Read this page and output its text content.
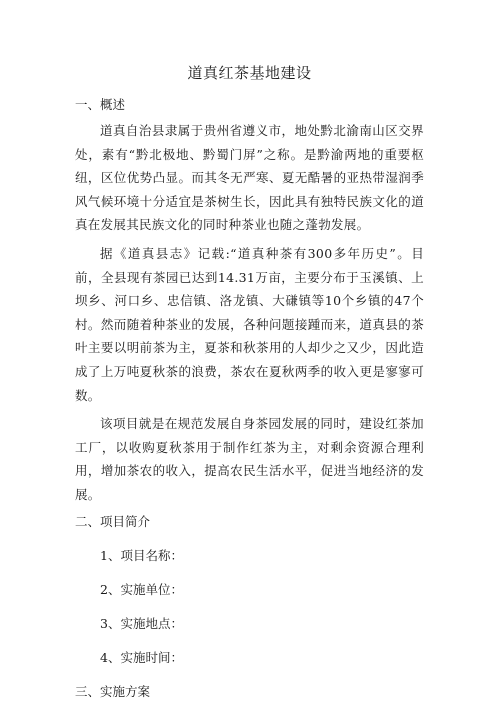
道真红茶基地建设
一、概述

道真自治县隶属于贵州省遵义市，地处黔北渝南山区交界处，素有“黔北极地、黔蜀门屏”之称。是黔渝两地的重要枢纽，区位优势凸显。而其冬无严寒、夏无酷暑的亚热带湿润季风气候环境十分适宜是茶树生长，因此具有独特民族文化的道真在发展其民族文化的同时种茶业也随之蓬勃发展。

据《道真县志》记载:“道真种茶有300多年历史”。目前，全县现有茶园已达到14.31万亩，主要分布于玉溪镇、上坝乡、河口乡、忠信镇、洛龙镇、大磏镇等10个乡镇的47个村。然而随着种茶业的发展，各种问题接踵而来，道真县的茶叶主要以明前茶为主，夏茶和秋茶用的人却少之又少，因此造成了上万吨夏秋茶的浪费，茶农在夏秋两季的收入更是寥寥可数。

该项目就是在规范发展自身茶园发展的同时，建设红茶加工厂，以收购夏秋茶用于制作红茶为主，对剩余资源合理利用，增加茶农的收入，提高农民生活水平，促进当地经济的发展。

二、项目简介
1、项目名称：
2、实施单位：
3、实施地点：
4、实施时间：
三、实施方案
